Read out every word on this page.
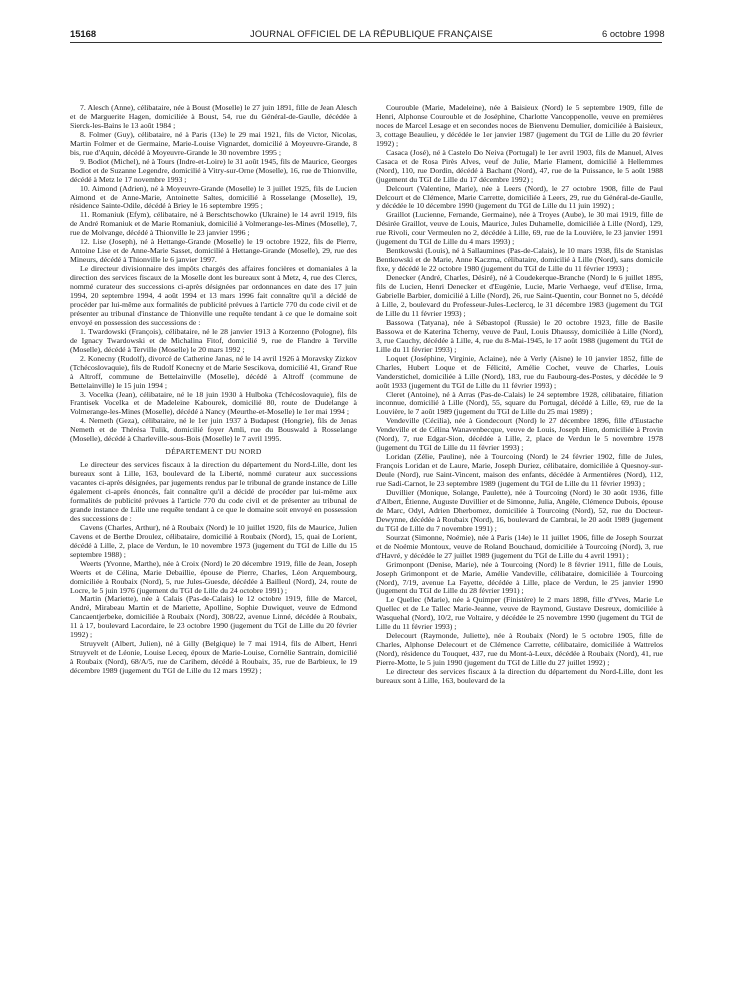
15168	JOURNAL OFFICIEL DE LA RÉPUBLIQUE FRANÇAISE	6 octobre 1998

7. Alesch (Anne), célibataire, née à Boust (Moselle) le 27 juin 1891, fille de Jean Alesch et de Marguerite Hagen, domiciliée à Boust, 54, rue du Général-de-Gaulle, décédée à Sierck-les-Bains le 13 août 1984 ;

8. Folmer (Guy), célibataire, né à Paris (13e) le 29 mai 1921, fils de Victor, Nicolas, Martin Folmer et de Germaine, Marie-Louise Vignardet, domicilié à Moyeuvre-Grande, 8 bis, rue d'Aquin, décédé à Moyeuvre-Grande le 30 novembre 1995 ;

9. Bodiot (Michel), né à Tours (Indre-et-Loire) le 31 août 1945, fils de Maurice, Georges Bodiot et de Suzanne Legendre, domicilié à Vitry-sur-Orne (Moselle), 16, rue de Thionville, décédé à Metz le 17 novembre 1993 ;

10. Aimond (Adrien), né à Moyeuvre-Grande (Moselle) le 3 juillet 1925, fils de Lucien Aimond et de Anne-Marie, Antoinette Saltes, domicilié à Rosselange (Moselle), 19, résidence Sainte-Odile, décédé à Briey le 16 septembre 1995 ;

11. Romaniuk (Efym), célibataire, né à Berschtschowko (Ukraine) le 14 avril 1919, fils de André Romaniuk et de Marie Romaniuk, domicilié à Volmerange-les-Mines (Moselle), 7, rue de Molvange, décédé à Thionville le 23 janvier 1996 ;

12. Lise (Joseph), né à Hettange-Grande (Moselle) le 19 octobre 1922, fils de Pierre, Antoine Lise et de Anne-Marie Sasset, domicilié à Hettange-Grande (Moselle), 29, rue des Mineurs, décédé à Thionville le 6 janvier 1997.

Le directeur divisionnaire des impôts chargés des affaires foncières et domaniales à la direction des services fiscaux de la Moselle dont les bureaux sont à Metz, 4, rue des Clercs, nommé curateur des successions ci-après désignées par ordonnances en date des 17 juin 1994, 20 septembre 1994, 4 août 1994 et 13 mars 1996 fait connaître qu'il a décidé de procéder par lui-même aux formalités de publicité prévues à l'article 770 du code civil et de présenter au tribunal d'instance de Thionville une requête tendant à ce que le domaine soit envoyé en possession des successions de :

1. Twardowski (François), célibataire, né le 28 janvier 1913 à Korzenno (Pologne), fils de Ignacy Twardowski et de Michalina Fitof, domicilié 9, rue de Flandre à Terville (Moselle), décédé à Terville (Moselle) le 20 mars 1992 ;

2. Konecny (Rudolf), divorcé de Catherine Janas, né le 14 avril 1926 à Moravsky Zizkov (Tchécoslovaquie), fils de Rudolf Konecny et de Marie Sescikova, domicilié 41, Grand' Rue à Altroff, commune de Bettelainville (Moselle), décédé à Altroff (commune de Bettelainville) le 15 juin 1994 ;

3. Vocelka (Jean), célibataire, né le 18 juin 1930 à Hulboka (Tchécoslovaquie), fils de Frantisek Vocelka et de Madeleine Kabourek, domicilié 80, route de Dudelange à Volmerange-les-Mines (Moselle), décédé à Nancy (Meurthe-et-Moselle) le 1er mai 1994 ;

4. Nemeth (Geza), célibataire, né le 1er juin 1937 à Budapest (Hongrie), fils de Jenas Nemeth et de Thérésa Tulik, domicilié foyer Amli, rue du Bouswald à Rosselange (Moselle), décédé à Charleville-sous-Bois (Moselle) le 7 avril 1995.

DÉPARTEMENT DU NORD

Le directeur des services fiscaux à la direction du département du Nord-Lille, dont les bureaux sont à Lille, 163, boulevard de la Liberté, nommé curateur aux successions vacantes ci-après désignées, par jugements rendus par le tribunal de grande instance de Lille également ci-après énoncés, fait connaître qu'il a décidé de procéder par lui-même aux formalités de publicité prévues à l'article 770 du code civil et de présenter au tribunal de grande instance de Lille une requête tendant à ce que le domaine soit envoyé en possession des successions de :

Cavens (Charles, Arthur), né à Roubaix (Nord) le 10 juillet 1920, fils de Maurice, Julien Cavens et de Berthe Droulez, célibataire, domicilié à Roubaix (Nord), 15, quai de Lorient, décédé à Lille, 2, place de Verdun, le 10 novembre 1973 (jugement du TGI de Lille du 15 septembre 1988) ;

Weerts (Yvonne, Marthe), née à Croix (Nord) le 20 décembre 1919, fille de Jean, Joseph Weerts et de Célina, Marie Debaillie, épouse de Pierre, Charles, Léon Arquembourg, domiciliée à Roubaix (Nord), 5, rue Jules-Guesde, décédée à Bailleul (Nord), 24, route de Locre, le 5 juin 1976 (jugement du TGI de Lille du 24 octobre 1991) ;

Martin (Mariette), née à Calais (Pas-de-Calais) le 12 octobre 1919, fille de Marcel, André, Mirabeau Martin et de Mariette, Apolline, Sophie Duwiquet, veuve de Edmond Cancaentjerbeke, domiciliée à Roubaix (Nord), 308/22, avenue Linné, décédée à Roubaix, 11 à 17, boulevard Lacordaire, le 23 octobre 1990 (jugement du TGI de Lille du 20 février 1992) ;

Struyvelt (Albert, Julien), né à Gilly (Belgique) le 7 mai 1914, fils de Albert, Henri Struyvelt et de Léonie, Louise Leceq, époux de Marie-Louise, Cornélie Santrain, domicilié à Roubaix (Nord), 68/A/5, rue de Carihem, décédé à Roubaix, 35, rue de Barbieux, le 19 décembre 1989 (jugement du TGI de Lille du 12 mars 1992) ;

Courouble (Marie, Madeleine), née à Baisieux (Nord) le 5 septembre 1909, fille de Henri, Alphonse Courouble et de Joséphine, Charlotte Vancoppenolle, veuve en premières noces de Marcel Lesage et en secondes noces de Bienvenu Demulier, domiciliée à Baisieux, 3, cottage Beaulieu, y décédée le 1er janvier 1987 (jugement du TGI de Lille du 20 février 1992) ;

Casaca (José), né à Castelo Do Neiva (Portugal) le 1er avril 1903, fils de Manuel, Alves Casaca et de Rosa Pirès Alves, veuf de Julie, Marie Flament, domicilié à Hellemmes (Nord), 110, rue Dordin, décédé à Bachant (Nord), 47, rue de la Puissance, le 5 août 1988 (jugement du TGI de Lille du 17 décembre 1992) ;

Delcourt (Valentine, Marie), née à Leers (Nord), le 27 octobre 1908, fille de Paul Delcourt et de Clémence, Marie Carrette, domiciliée à Leers, 29, rue du Général-de-Gaulle, y décédée le 10 décembre 1990 (jugement du TGI de Lille du 11 juin 1992) ;

Graillot (Lucienne, Fernande, Germaine), née à Troyes (Aube), le 30 mai 1919, fille de Désirée Graillot, veuve de Louis, Maurice, Jules Duhamelle, domiciliée à Lille (Nord), 129, rue Rivoli, cour Vermeulen no 2, décédée à Lille, 69, rue de la Louvière, le 23 janvier 1991 (jugement du TGI de Lille du 4 mars 1993) ;

Bentkowski (Louis), né à Sallaumines (Pas-de-Calais), le 10 mars 1938, fils de Stanislas Bentkowski et de Marie, Anne Kaczma, célibataire, domicilié à Lille (Nord), sans domicile fixe, y décédé le 22 octobre 1980 (jugement du TGI de Lille du 11 février 1993) ;

Denecker (André, Charles, Désiré), né à Coudekerque-Branche (Nord) le 6 juillet 1895, fils de Lucien, Henri Denecker et d'Eugénie, Lucie, Marie Verhaege, veuf d'Elise, Irma, Gabrielle Barbier, domicilié à Lille (Nord), 26, rue Saint-Quentin, cour Bonnet no 5, décédé à Lille, 2, boulevard du Professeur-Jules-Leclercq, le 31 décembre 1983 (jugement du TGI de Lille du 11 février 1993) ;

Bassowa (Tatyana), née à Sébastopol (Russie) le 20 octobre 1923, fille de Basile Bassowa et de Katerina Tcherny, veuve de Paul, Louis Dhaussy, domiciliée à Lille (Nord), 3, rue Cauchy, décédée à Lille, 4, rue du 8-Mai-1945, le 17 août 1988 (jugement du TGI de Lille du 11 février 1993) ;

Loquet (Joséphine, Virginie, Aclaine), née à Verly (Aisne) le 10 janvier 1852, fille de Charles, Hubert Loque et de Félicité, Amélie Cochet, veuve de Charles, Louis Vanderstichel, domiciliée à Lille (Nord), 183, rue du Faubourg-des-Postes, y décédée le 9 août 1933 (jugement du TGI de Lille du 11 février 1993) ;

Cleret (Antoine), né à Arras (Pas-de-Calais) le 24 septembre 1928, célibataire, filiation inconnue, domicilié à Lille (Nord), 55, square du Portugal, décédé à Lille, 69, rue de la Louvière, le 7 août 1989 (jugement du TGI de Lille du 25 mai 1989) ;

Vendeville (Cécilia), née à Gondecourt (Nord) le 27 décembre 1896, fille d'Eustache Vendeville et de Célina Wanavenbecque, veuve de Louis, Joseph Hien, domiciliée à Provin (Nord), 7, rue Edgar-Sion, décédée à Lille, 2, place de Verdun le 5 novembre 1978 (jugement du TGI de Lille du 11 février 1993) ;

Loridan (Zélie, Pauline), née à Tourcoing (Nord) le 24 février 1902, fille de Jules, François Loridan et de Laure, Marie, Joseph Duriez, célibataire, domiciliée à Quesnoy-sur-Deule (Nord), rue Saint-Vincent, maison des enfants, décédée à Armentières (Nord), 112, rue Sadi-Carnot, le 23 septembre 1989 (jugement du TGI de Lille du 11 février 1993) ;

Duvillier (Monique, Solange, Paulette), née à Tourcoing (Nord) le 30 août 1936, fille d'Albert, Étienne, Auguste Duvillier et de Simonne, Julia, Angèle, Clémence Dubois, épouse de Marc, Odyl, Adrien Dherbomez, domiciliée à Tourcoing (Nord), 52, rue du Docteur-Dewynne, décédée à Roubaix (Nord), 16, boulevard de Cambrai, le 20 août 1989 (jugement du TGI de Lille du 7 novembre 1991) ;

Sourzat (Simonne, Noémie), née à Paris (14e) le 11 juillet 1906, fille de Joseph Sourzat et de Noémie Montoux, veuve de Roland Bouchaud, domiciliée à Tourcoing (Nord), 3, rue d'Havré, y décédée le 27 juillet 1989 (jugement du TGI de Lille du 4 avril 1991) ;

Grimonpont (Denise, Marie), née à Tourcoing (Nord) le 8 février 1911, fille de Louis, Joseph Grimonpont et de Marie, Amélie Vandeville, célibataire, domiciliée à Tourcoing (Nord), 7/19, avenue La Fayette, décédée à Lille, place de Verdun, le 25 janvier 1990 (jugement du TGI de Lille du 28 février 1991) ;

Le Quellec (Marie), née à Quimper (Finistère) le 2 mars 1898, fille d'Yves, Marie Le Quellec et de Le Tallec Marie-Jeanne, veuve de Raymond, Gustave Desreux, domiciliée à Wasquehal (Nord), 10/2, rue Voltaire, y décédée le 25 novembre 1990 (jugement du TGI de Lille du 11 février 1993) ;

Delecourt (Raymonde, Juliette), née à Roubaix (Nord) le 5 octobre 1905, fille de Charles, Alphonse Delecourt et de Clémence Carrette, célibataire, domiciliée à Wattrelos (Nord), résidence du Touquet, 437, rue du Mont-à-Leux, décédée à Roubaix (Nord), 41, rue Pierre-Motte, le 5 juin 1990 (jugement du TGI de Lille du 27 juillet 1992) ;

Le directeur des services fiscaux à la direction du département du Nord-Lille, dont les bureaux sont à Lille, 163, boulevard de la
